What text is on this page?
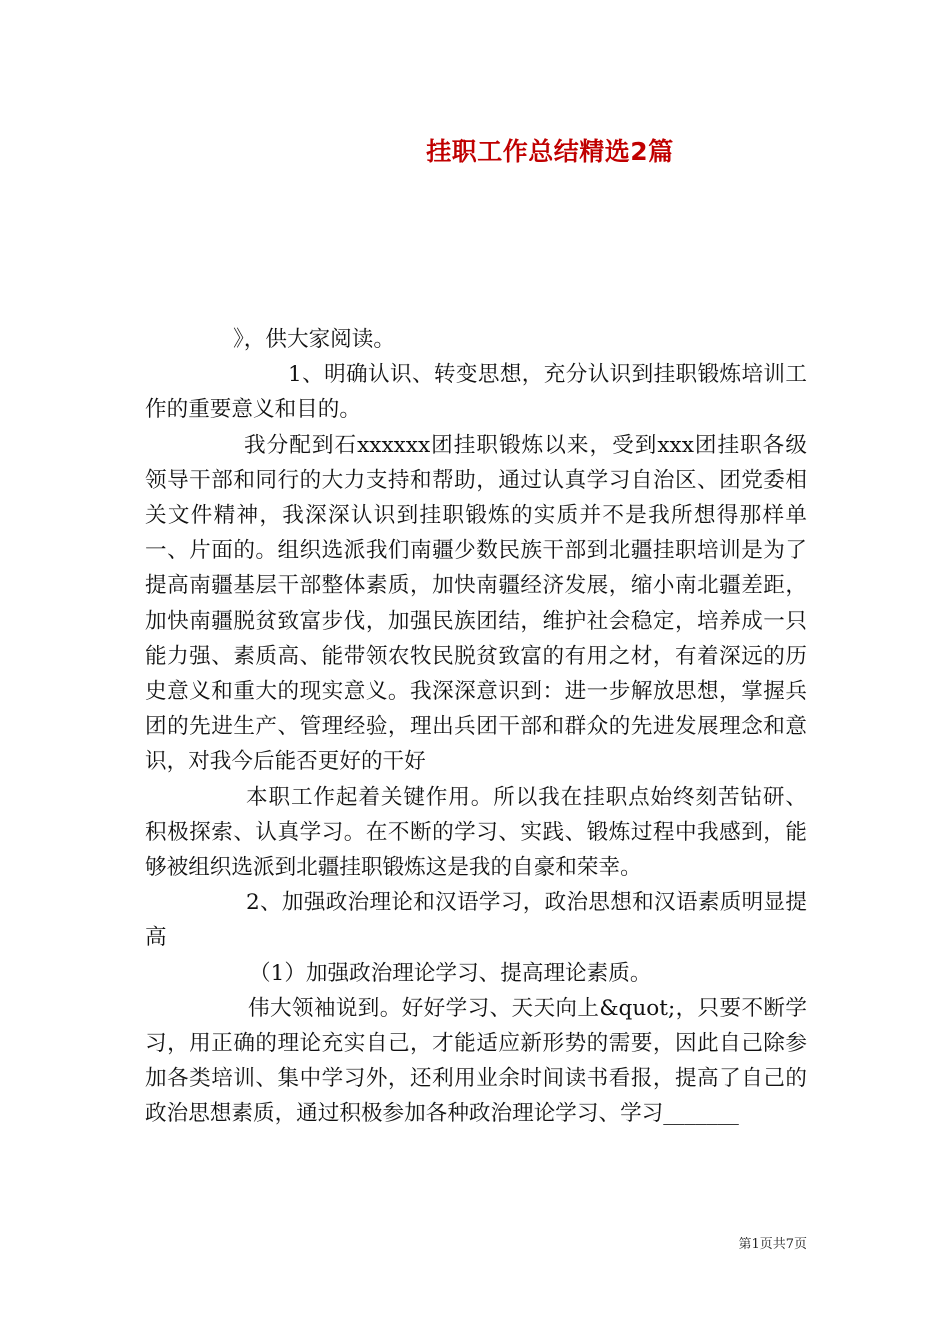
挂职工作总结精选2篇

》，供大家阅读。

1、明确认识、转变思想，充分认识到挂职锻炼培训工作的重要意义和目的。

我分配到石xxxxxx团挂职锻炼以来，受到xxx团挂职各级领导干部和同行的大力支持和帮助，通过认真学习自治区、团党委相关文件精神，我深深认识到挂职锻炼的实质并不是我所想得那样单一、片面的。组织选派我们南疆少数民族干部到北疆挂职培训是为了提高南疆基层干部整体素质，加快南疆经济发展，缩小南北疆差距，加快南疆脱贫致富步伐，加强民族团结，维护社会稳定，培养成一只能力强、素质高、能带领农牧民脱贫致富的有用之材，有着深远的历史意义和重大的现实意义。我深深意识到：进一步解放思想，掌握兵团的先进生产、管理经验，理出兵团干部和群众的先进发展理念和意识，对我今后能否更好的干好

本职工作起着关键作用。所以我在挂职点始终刻苦钻研、积极探索、认真学习。在不断的学习、实践、锻炼过程中我感到，能够被组织选派到北疆挂职锻炼这是我的自豪和荣幸。

2、加强政治理论和汉语学习，政治思想和汉语素质明显提高

（1）加强政治理论学习、提高理论素质。

伟大领袖说到。好好学习、天天向上&quot;，只要不断学习，用正确的理论充实自己，才能适应新形势的需要，因此自己除参加各类培训、集中学习外，还利用业余时间读书看报，提高了自己的政治思想素质，通过积极参加各种政治理论学习、学习_______

第1页共7页
